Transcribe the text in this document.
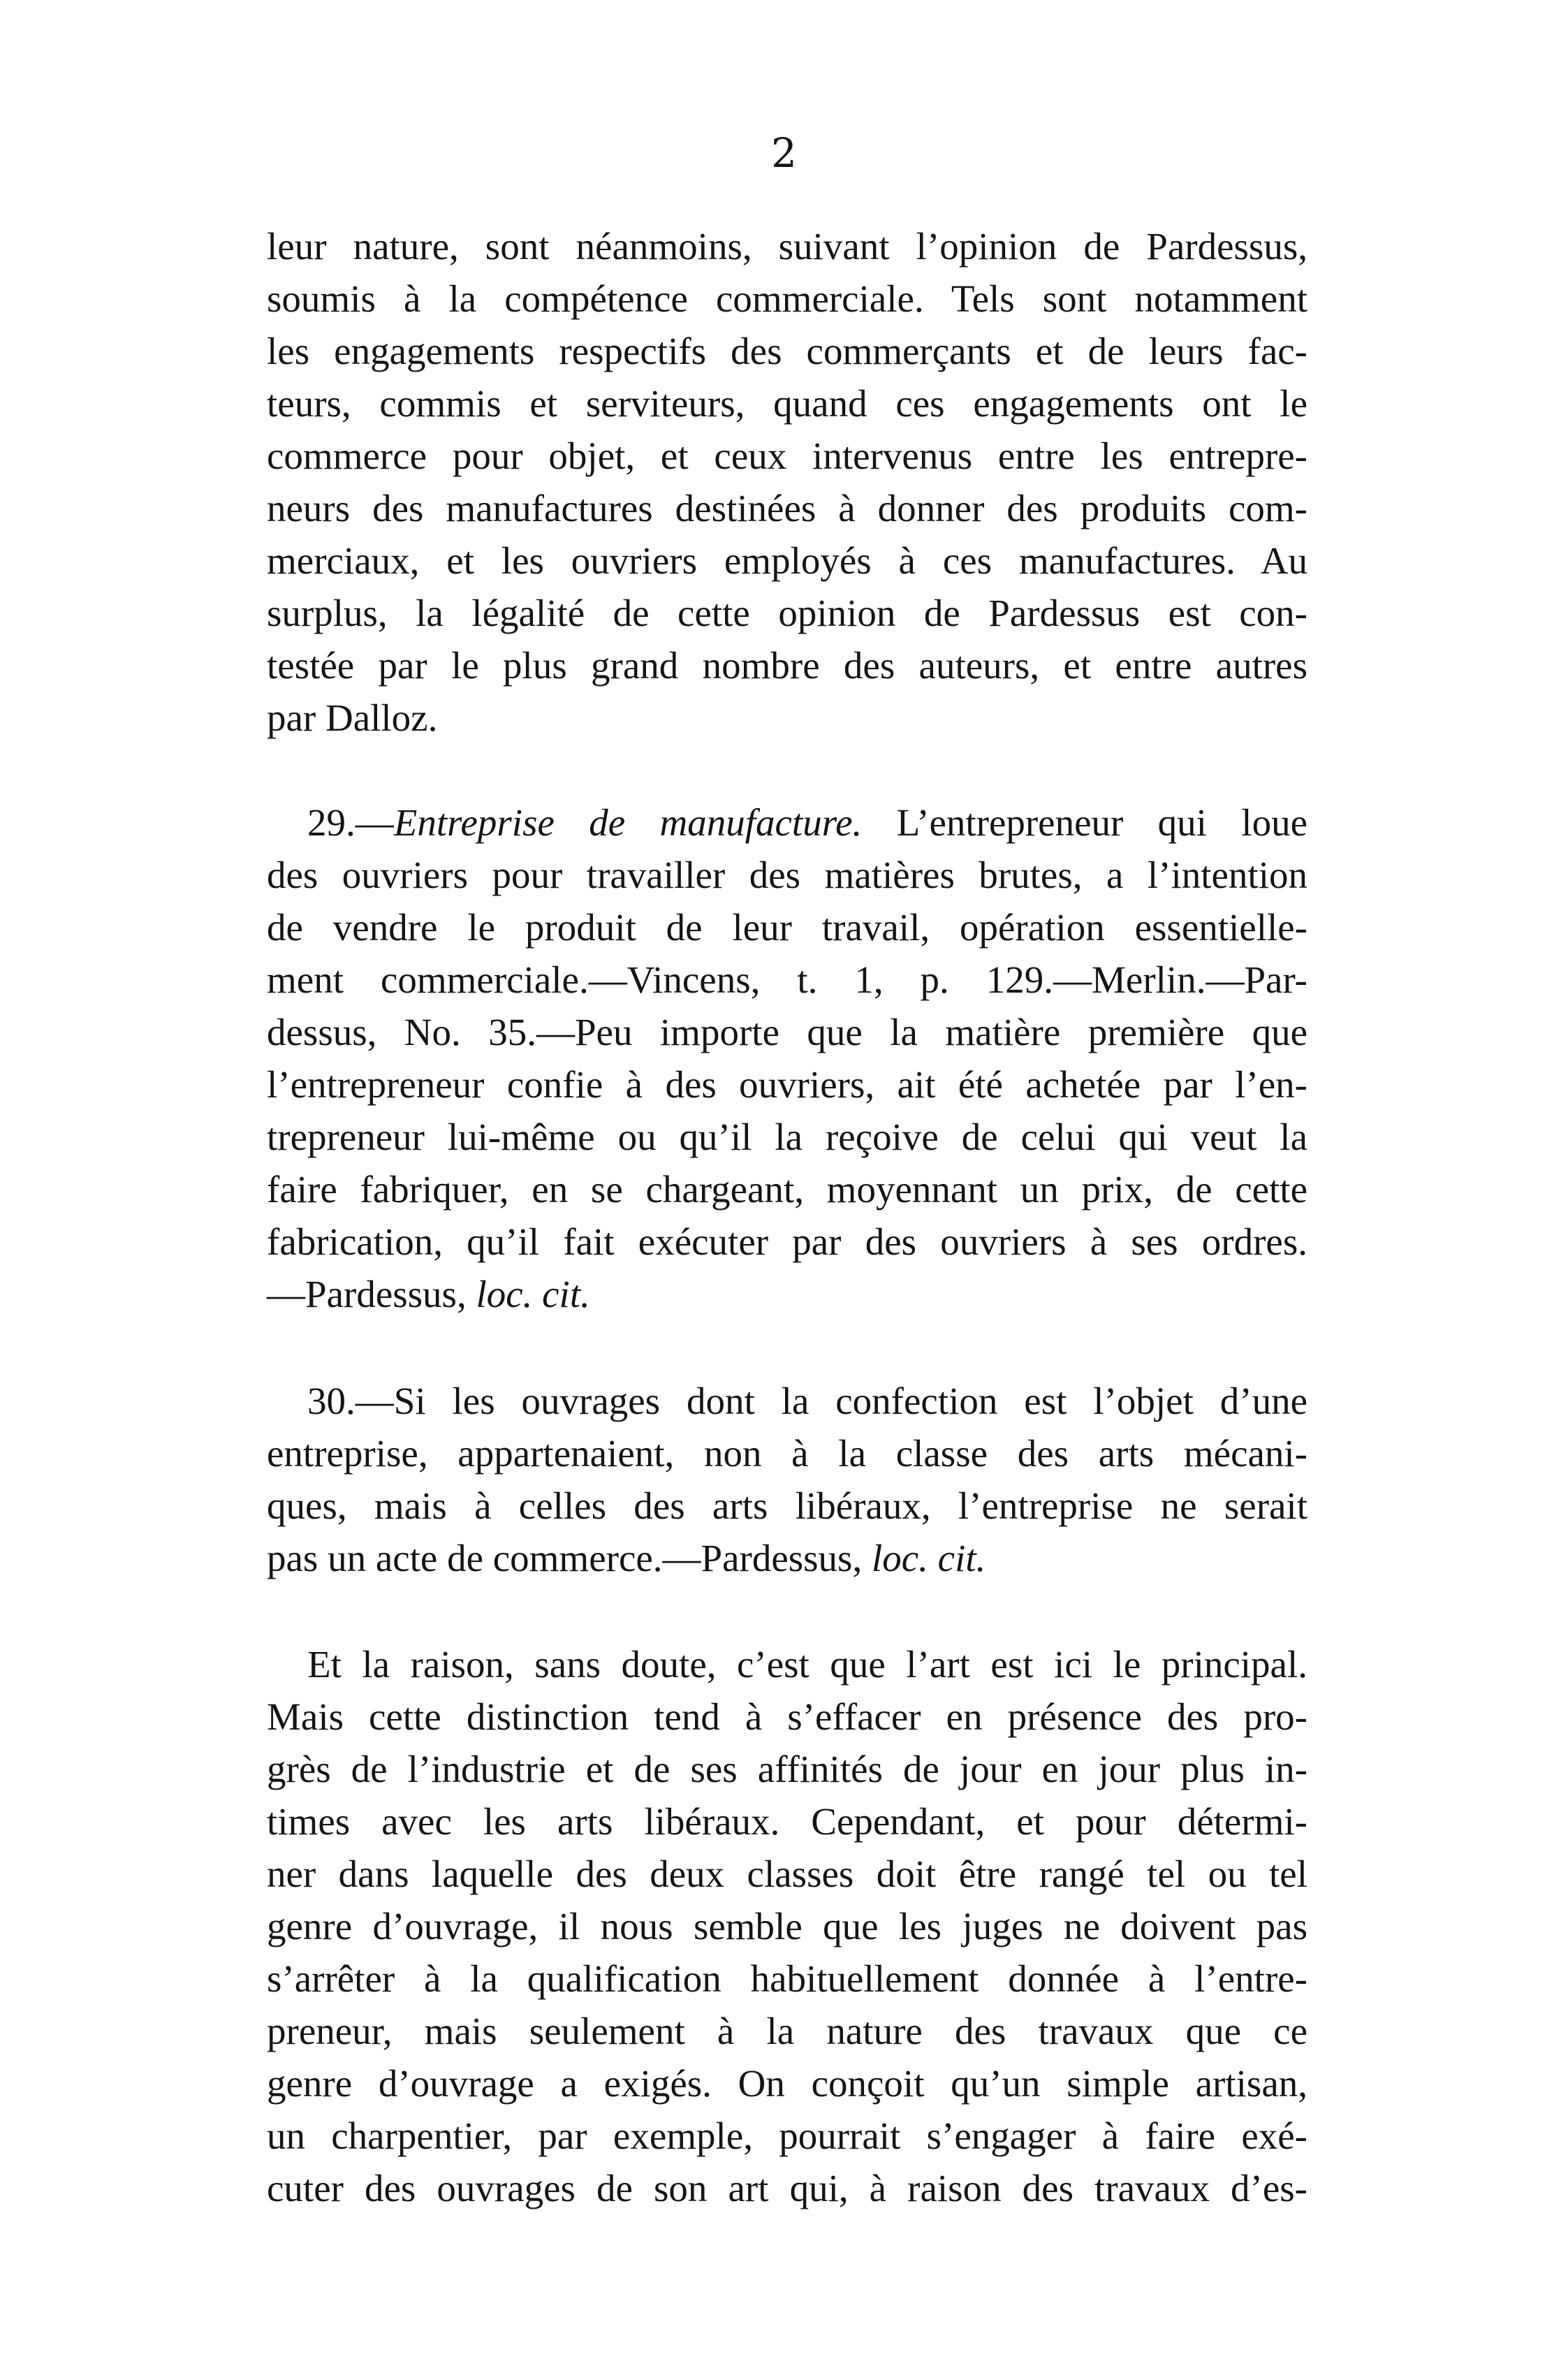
2
leur nature, sont néanmoins, suivant l’opinion de Pardessus,
soumis à la compétence commerciale. Tels sont notamment
les engagements respectifs des commerçants et de leurs fac-
teurs, commis et serviteurs, quand ces engagements ont le
commerce pour objet, et ceux intervenus entre les entrepre-
neurs des manufactures destinées à donner des produits com-
merciaux, et les ouvriers employés à ces manufactures. Au
surplus, la légalité de cette opinion de Pardessus est con-
testée par le plus grand nombre des auteurs, et entre autres
par Dalloz.
29.—Entreprise de manufacture. L’entrepreneur qui loue
des ouvriers pour travailler des matières brutes, a l’intention
de vendre le produit de leur travail, opération essentielle-
ment commerciale.—Vincens, t. 1, p. 129.—Merlin.—Par-
dessus, No. 35.—Peu importe que la matière première que
l’entrepreneur confie à des ouvriers, ait été achetée par l’en-
trepreneur lui-même ou qu’il la reçoive de celui qui veut la
faire fabriquer, en se chargeant, moyennant un prix, de cette
fabrication, qu’il fait exécuter par des ouvriers à ses ordres.
—Pardessus, loc. cit.
30.—Si les ouvrages dont la confection est l’objet d’une
entreprise, appartenaient, non à la classe des arts mécani-
ques, mais à celles des arts libéraux, l’entreprise ne serait
pas un acte de commerce.—Pardessus, loc. cit.
Et la raison, sans doute, c’est que l’art est ici le principal.
Mais cette distinction tend à s’effacer en présence des pro-
grès de l’industrie et de ses affinités de jour en jour plus in-
times avec les arts libéraux. Cependant, et pour détermi-
ner dans laquelle des deux classes doit être rangé tel ou tel
genre d’ouvrage, il nous semble que les juges ne doivent pas
s’arrêter à la qualification habituellement donnée à l’entre-
preneur, mais seulement à la nature des travaux que ce
genre d’ouvrage a exigés. On conçoit qu’un simple artisan,
un charpentier, par exemple, pourrait s’engager à faire exé-
cuter des ouvrages de son art qui, à raison des travaux d’es-
